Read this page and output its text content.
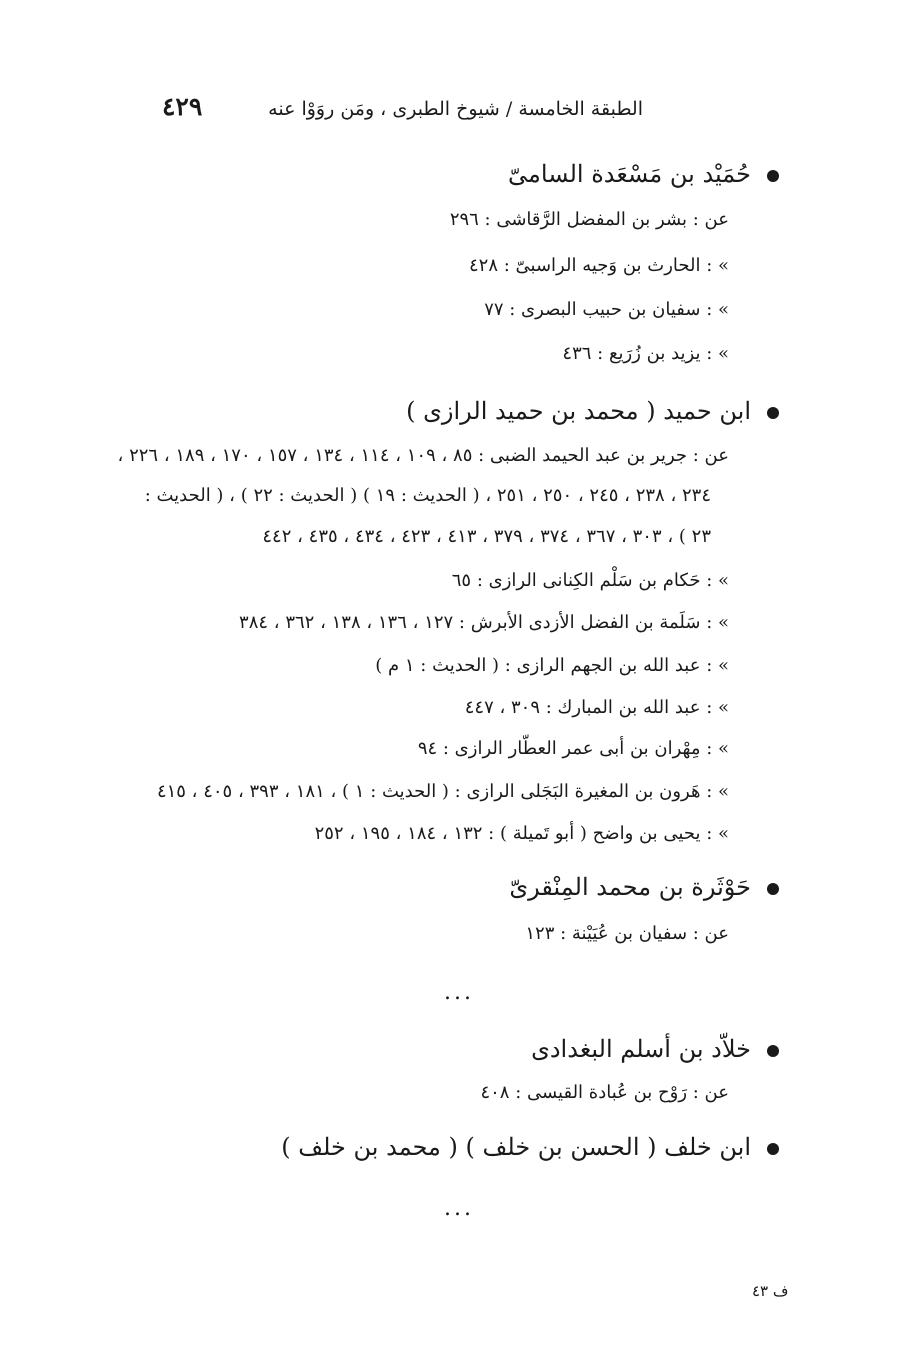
٤٢٩	الطبقة الخامسة / شيوخ الطبرى ، ومَن روَوْا عنه
حُمَيْد بن مَسْعَدة السامىّ
عن : بشر بن المفضل الرَّقاشى : ٢٩٦
» : الحارث بن وَجيه الراسبىّ : ٤٢٨
» : سفيان بن حبيب البصرى : ٧٧
» : يزيد بن زُرَيع : ٤٣٦
ابن حميد ( محمد بن حميد الرازى )
عن : جرير بن عبد الحيمد الضبى : ٨٥ ، ١٠٩ ، ١١٤ ، ١٣٤ ، ١٥٧ ، ١٧٠ ، ١٨٩ ، ٢٢٦ ،
٢٣٤ ، ٢٣٨ ، ٢٤٥ ، ٢٥٠ ، ٢٥١ ، ( الحديث : ١٩ ) ( الحديث : ٢٢ ) ، ( الحديث :
٢٣ ) ، ٣٠٣ ، ٣٦٧ ، ٣٧٤ ، ٣٧٩ ، ٤١٣ ، ٤٢٣ ، ٤٣٤ ، ٤٣٥ ، ٤٤٢
» : حَكام بن سَلْم الكِنانى الرازى : ٦٥
» : سَلَمة بن الفضل الأزدى الأبرش : ١٢٧ ، ١٣٦ ، ١٣٨ ، ٣٦٢ ، ٣٨٤
» : عبد الله بن الجهم الرازى : ( الحديث : ١ م )
» : عبد الله بن المبارك : ٣٠٩ ، ٤٤٧
» : مِهْران بن أبى عمر العطّار الرازى : ٩٤
» : هَرون بن المغيرة البَجَلى الرازى : ( الحديث : ١ ) ، ١٨١ ، ٣٩٣ ، ٤٠٥ ، ٤١٥
» : يحيى بن واضح ( أبو تَميلة ) : ١٣٢ ، ١٨٤ ، ١٩٥ ، ٢٥٢
حَوْثَرة بن محمد المِنْقرىّ
عن : سفيان بن عُيَيْنة : ١٢٣
...
خلاّد بن أسلم البغدادى
عن : رَوْح بن عُبادة القيسى : ٤٠٨
ابن خلف ( الحسن بن خلف ) ( محمد بن خلف )
...
ف ٤٣
